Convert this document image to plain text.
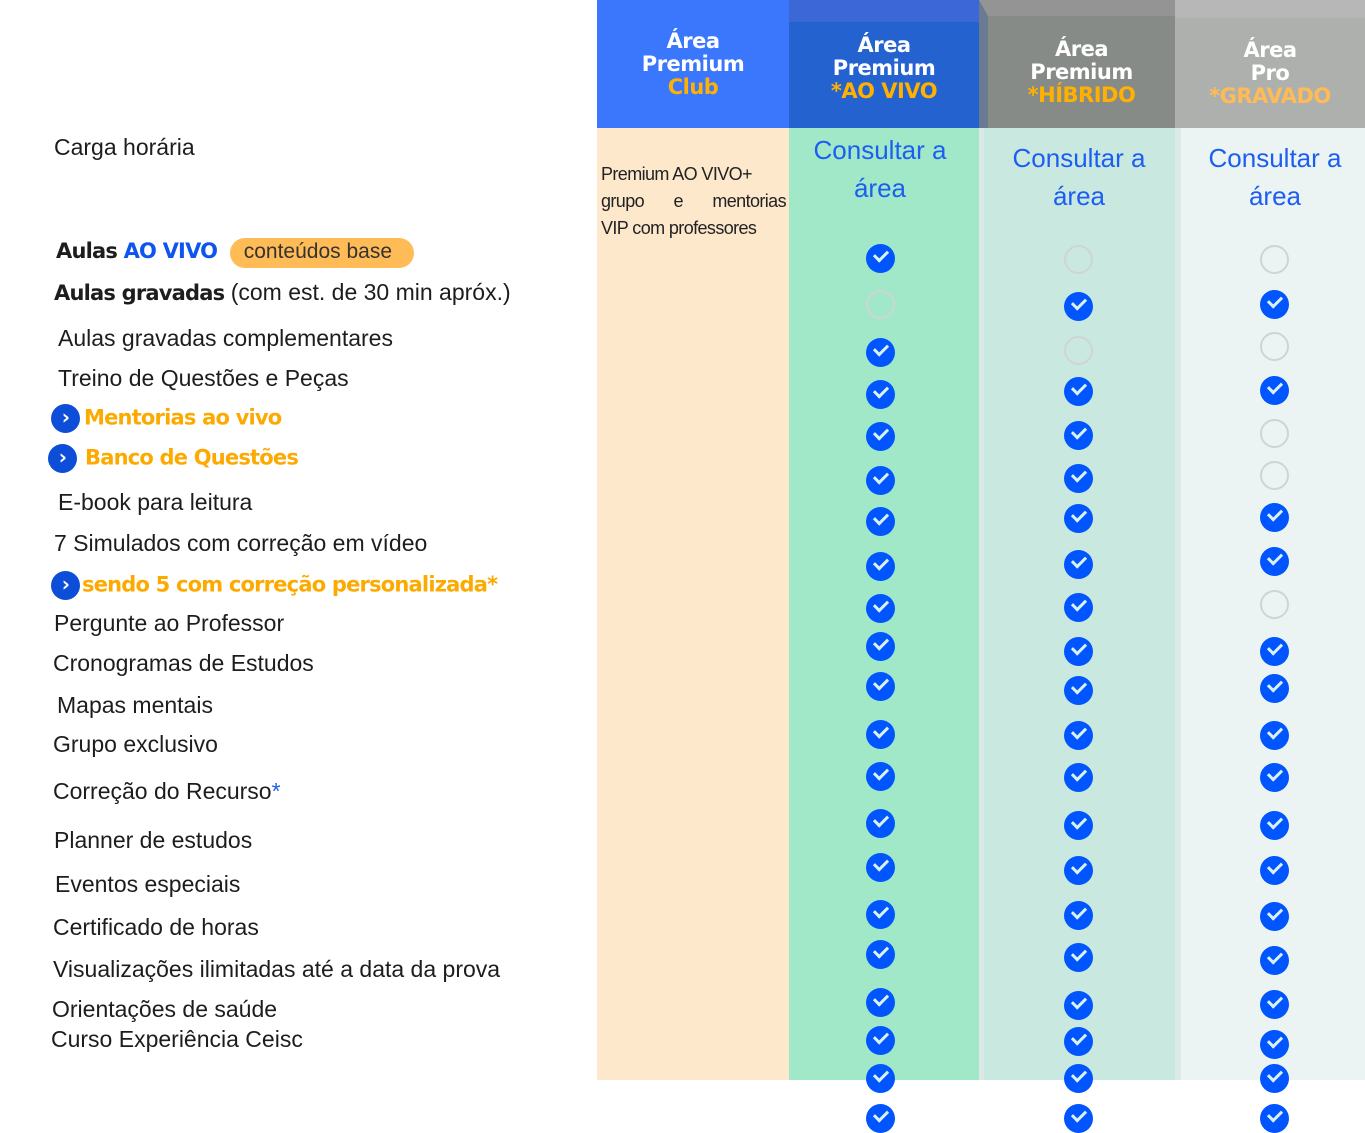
Área
Premium
Club
Área
Premium
*AO VIVO
Área
Premium
*HÍBRIDO
Área
Pro
*GRAVADO
Carga horária
Premium AO VIVO+
grupo e mentorias
VIP com professores
Consultar a
área
Consultar a
área
Consultar a
área
Aulas AO VIVO conteúdos base
Aulas gravadas (com est. de 30 min apróx.)
Aulas gravadas complementares
Treino de Questões e Peças
› Mentorias ao vivo
› Banco de Questões
E-book para leitura
7 Simulados com correção em vídeo
› sendo 5 com correção personalizada*
Pergunte ao Professor
Cronogramas de Estudos
Mapas mentais
Grupo exclusivo
Correção do Recurso*
Planner de estudos
Eventos especiais
Certificado de horas
Visualizações ilimitadas até a data da prova
Orientações de saúde
Curso Experiência Ceisc
